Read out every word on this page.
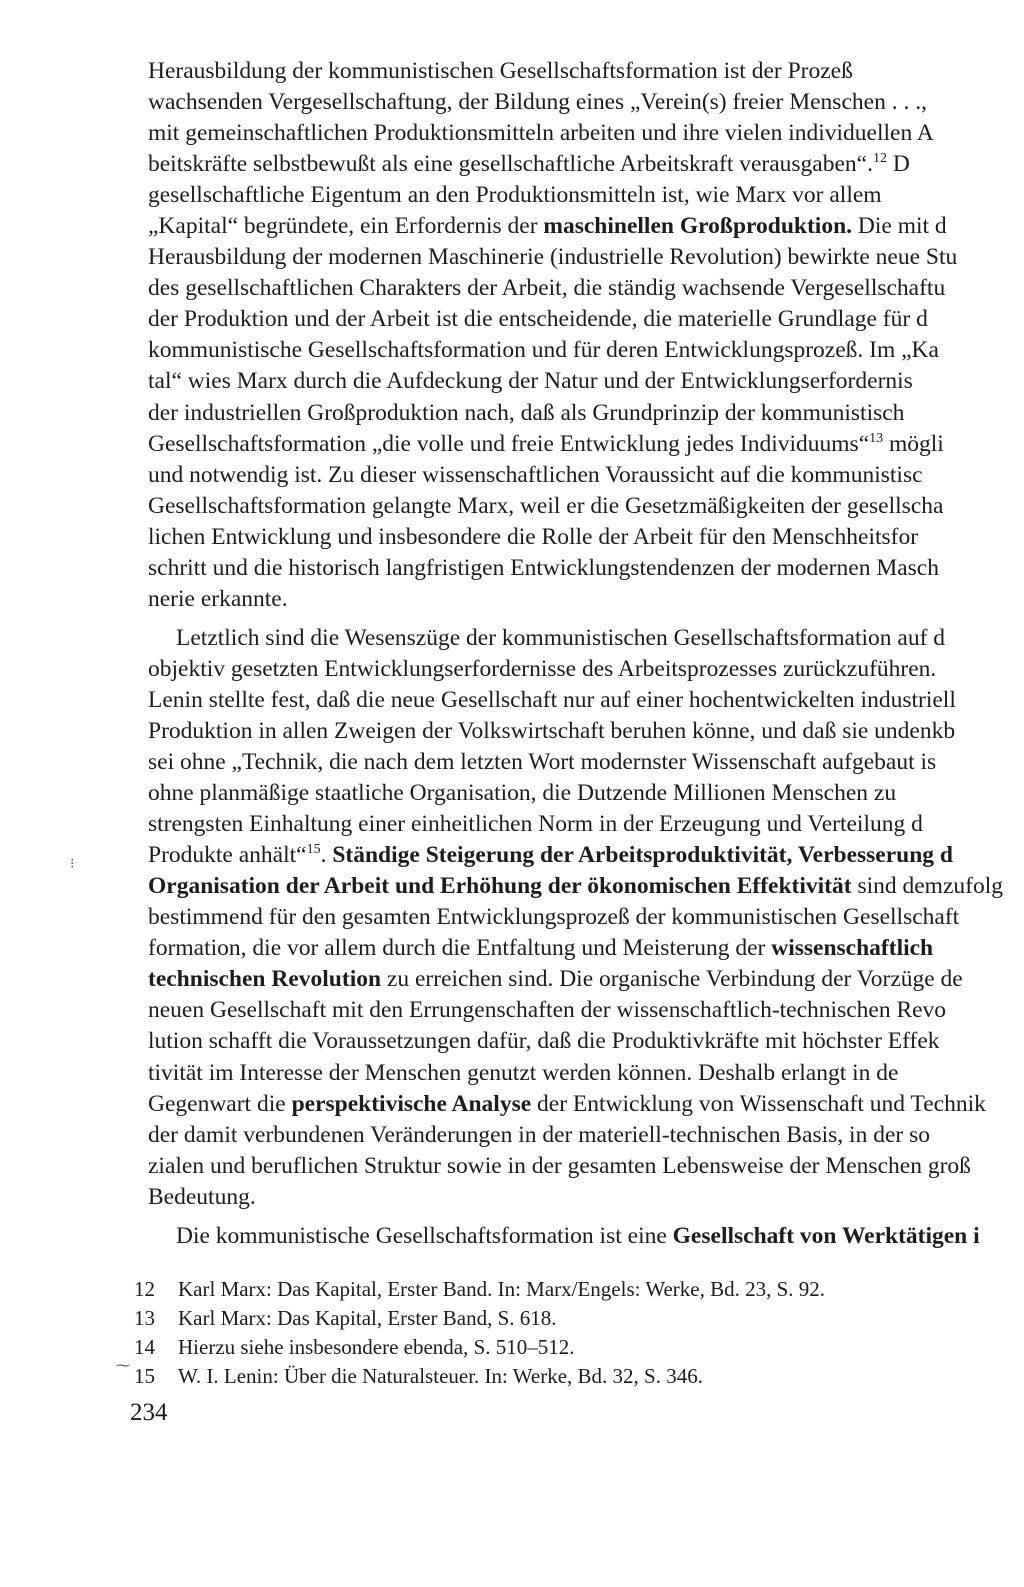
Herausbildung der kommunistischen Gesellschaftsformation ist der Prozeß
wachsenden Vergesellschaftung, der Bildung eines „Verein(s) freier Menschen . . .,
mit gemeinschaftlichen Produktionsmitteln arbeiten und ihre vielen individuellen A
beitskräfte selbstbewußt als eine gesellschaftliche Arbeitskraft verausgaben“.$^{12}$ D
gesellschaftliche Eigentum an den Produktionsmitteln ist, wie Marx vor allem
„Kapital“ begründete, ein Erfordernis der maschinellen Großproduktion. Die mit d
Herausbildung der modernen Maschinerie (industrielle Revolution) bewirkte neue Stu
des gesellschaftlichen Charakters der Arbeit, die ständig wachsende Vergesellschaftu
der Produktion und der Arbeit ist die entscheidende, die materielle Grundlage für d
kommunistische Gesellschaftsformation und für deren Entwicklungsprozeß. Im „Ka
tal“ wies Marx durch die Aufdeckung der Natur und der Entwicklungserfordernis
der industriellen Großproduktion nach, daß als Grundprinzip der kommunistisch
Gesellschaftsformation „die volle und freie Entwicklung jedes Individuums“$^{13}$ mögli
und notwendig ist. Zu dieser wissenschaftlichen Voraussicht auf die kommunistisc
Gesellschaftsformation gelangte Marx, weil er die Gesetzmäßigkeiten der gesellscha
lichen Entwicklung und insbesondere die Rolle der Arbeit für den Menschheitsfor
schritt und die historisch langfristigen Entwicklungstendenzen der modernen Masch
nerie erkannte.
Letztlich sind die Wesenszüge der kommunistischen Gesellschaftsformation auf d
objektiv gesetzten Entwicklungserfordernisse des Arbeitsprozesses zurückzuführen.
Lenin stellte fest, daß die neue Gesellschaft nur auf einer hochentwickelten industriell
Produktion in allen Zweigen der Volkswirtschaft beruhen könne, und daß sie undenkb
sei ohne „Technik, die nach dem letzten Wort modernster Wissenschaft aufgebaut is
ohne planmäßige staatliche Organisation, die Dutzende Millionen Menschen zu
strengsten Einhaltung einer einheitlichen Norm in der Erzeugung und Verteilung d
Produkte anhält“$^{15}$. Ständige Steigerung der Arbeitsproduktivität, Verbesserung d
Organisation der Arbeit und Erhöhung der ökonomischen Effektivität sind demzufolg
bestimmend für den gesamten Entwicklungsprozeß der kommunistischen Gesellschaft
formation, die vor allem durch die Entfaltung und Meisterung der wissenschaftlich
technischen Revolution zu erreichen sind. Die organische Verbindung der Vorzüge de
neuen Gesellschaft mit den Errungenschaften der wissenschaftlich-technischen Revo
lution schafft die Voraussetzungen dafür, daß die Produktivkräfte mit höchster Effek
tivität im Interesse der Menschen genutzt werden können. Deshalb erlangt in de
Gegenwart die perspektivische Analyse der Entwicklung von Wissenschaft und Technik
der damit verbundenen Veränderungen in der materiell-technischen Basis, in der so
zialen und beruflichen Struktur sowie in der gesamten Lebensweise der Menschen groß
Bedeutung.
Die kommunistische Gesellschaftsformation ist eine Gesellschaft von Werktätigen i
12 Karl Marx: Das Kapital, Erster Band. In: Marx/Engels: Werke, Bd. 23, S. 92.
13 Karl Marx: Das Kapital, Erster Band, S. 618.
14 Hierzu siehe insbesondere ebenda, S. 510–512.
15 W. I. Lenin: Über die Naturalsteuer. In: Werke, Bd. 32, S. 346.
234
⁝
⁓
